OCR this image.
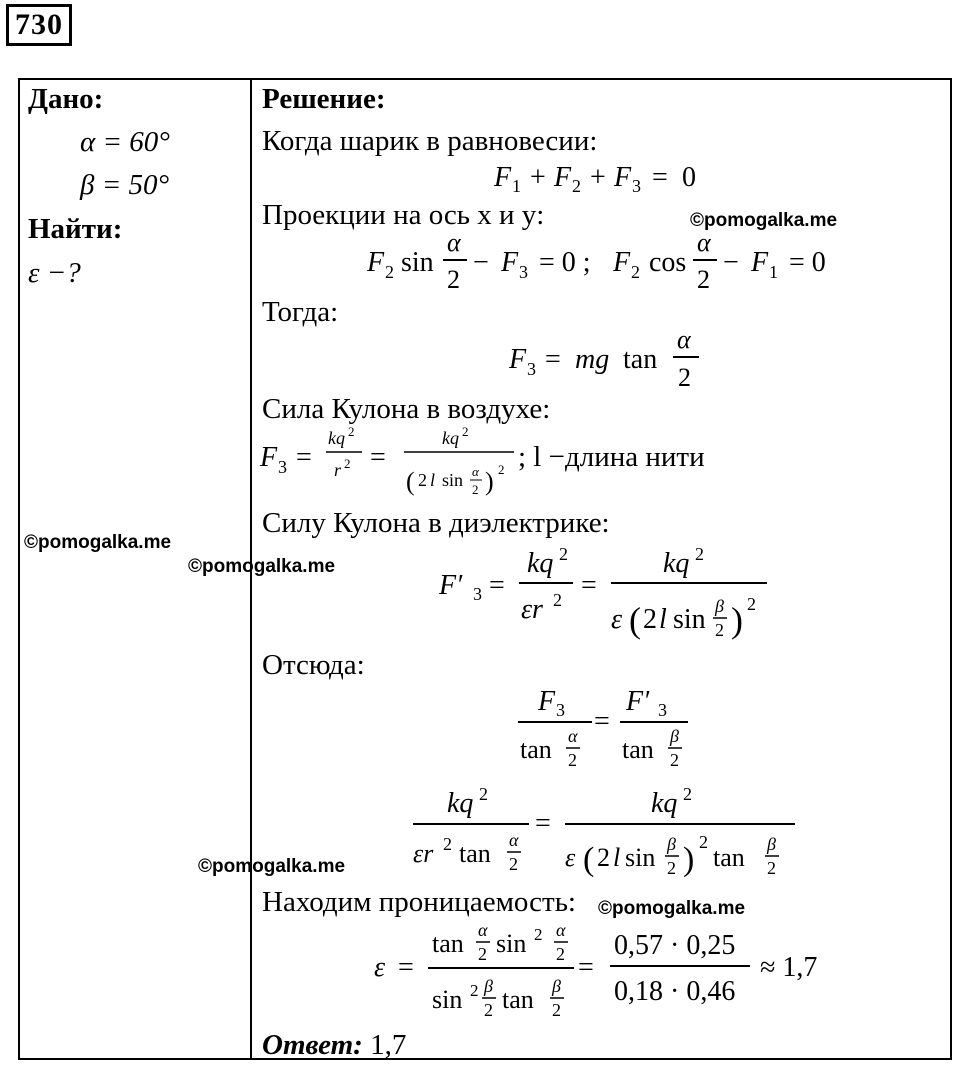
730
Дано:
α = 60°
β = 50°
Найти:
ε −?
Решение:
Когда шарик в равновесии:
F 1 + F 2 + F 3 = 0
Проекции на ось x и y:
F 2 sin
α
2
− F 3 = 0 ; F 2 cos
α
2
− F 1 = 0
Тогда:
F 3 = mg tan
α
2
Сила Кулона в воздухе:
F 3 =
kq 2
r 2 =
kq 2
( 2 l sin α
2 ) 2 ; l −длина нити
Силу Кулона в диэлектрике:
F′ 3 =
kq 2
εr 2 =
kq 2
ε ( 2 l sin β
2 ) 2
Отсюда:
F 3
tan α
2
=
F′ 3
tan β
2
kq 2
εr 2 tan α
2
=
kq 2
ε ( 2 l sin β
2 ) 2
tan β
2
Находим проницаемость:
ε =
tan α
2 sin 2 α
2
sin 2 β
2 tan β
2
=
0,57 · 0,25
0,18 · 0,46
≈ 1,7
Ответ: 1,7
©pomogalka.me
©pomogalka.me
©pomogalka.me
©pomogalka.me
©pomogalka.me
